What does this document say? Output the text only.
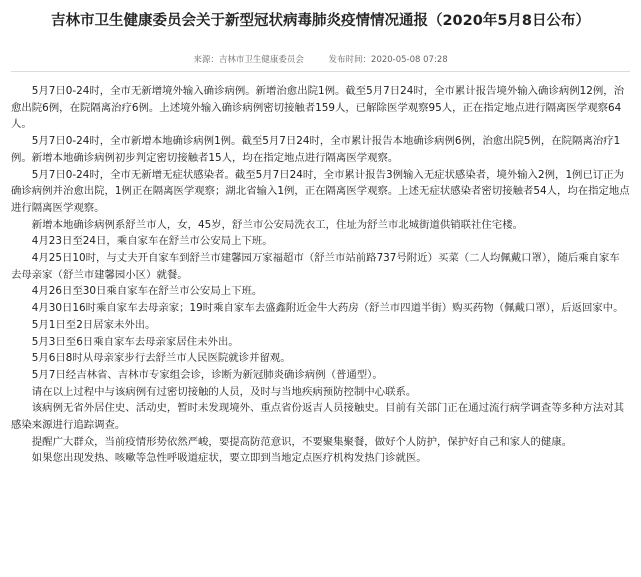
吉林市卫生健康委员会关于新型冠状病毒肺炎疫情情况通报（2020年5月8日公布）
来源：吉林市卫生健康委员会	发布时间：2020-05-08 07:28

5月7日0-24时，全市无新增境外输入确诊病例。新增治愈出院1例。截至5月7日24时，全市累计报告境外输入确诊病例12例，治愈出院6例，在院隔离治疗6例。上述境外输入确诊病例密切接触者159人，已解除医学观察95人，正在指定地点进行隔离医学观察64人。

5月7日0-24时，全市新增本地确诊病例1例。截至5月7日24时，全市累计报告本地确诊病例6例，治愈出院5例，在院隔离治疗1例。新增本地确诊病例初步判定密切接触者15人，均在指定地点进行隔离医学观察。

5月7日0-24时，全市无新增无症状感染者。截至5月7日24时，全市累计报告3例输入无症状感染者，境外输入2例，1例已订正为确诊病例并治愈出院，1例正在隔离医学观察；湖北省输入1例，正在隔离医学观察。上述无症状感染者密切接触者54人，均在指定地点进行隔离医学观察。

新增本地确诊病例系舒兰市人，女，45岁，舒兰市公安局洗衣工，住址为舒兰市北城街道供销联社住宅楼。

4月23日至24日，乘自家车在舒兰市公安局上下班。

4月25日10时，与丈夫开自家车到舒兰市建馨园万家福超市（舒兰市站前路737号附近）买菜（二人均佩戴口罩），随后乘自家车去母亲家（舒兰市建馨园小区）就餐。

4月26日至30日乘自家车在舒兰市公安局上下班。

4月30日16时乘自家车去母亲家；19时乘自家车去盛鑫附近金牛大药房（舒兰市四道半街）购买药物（佩戴口罩），后返回家中。

5月1日至2日居家未外出。

5月3日至6日乘自家车去母亲家居住未外出。

5月6日8时从母亲家步行去舒兰市人民医院就诊并留观。

5月7日经吉林省、吉林市专家组会诊，诊断为新冠肺炎确诊病例（普通型）。

请在以上过程中与该病例有过密切接触的人员，及时与当地疾病预防控制中心联系。

该病例无省外居住史、活动史，暂时未发现境外、重点省份返吉人员接触史。目前有关部门正在通过流行病学调查等多种方法对其感染来源进行追踪调查。

提醒广大群众，当前疫情形势依然严峻，要提高防范意识，不要聚集聚餐，做好个人防护，保护好自己和家人的健康。

如果您出现发热、咳嗽等急性呼吸道症状，要立即到当地定点医疗机构发热门诊就医。
